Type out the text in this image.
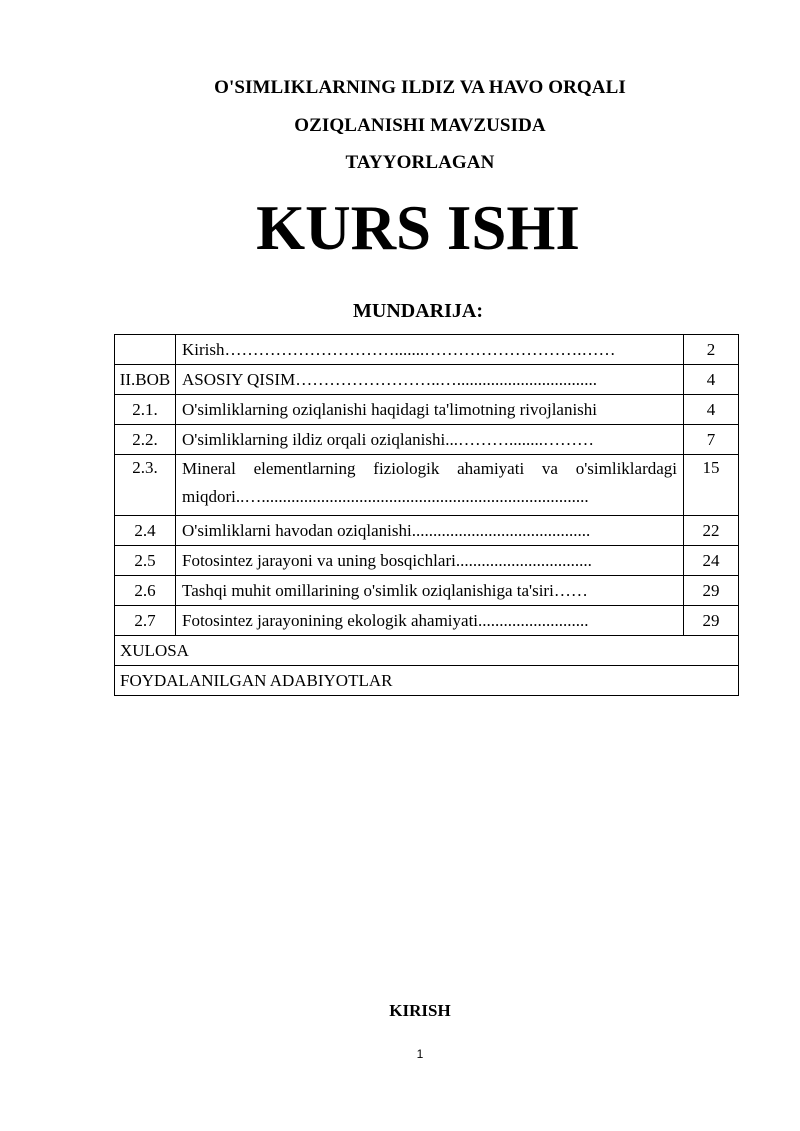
O'SIMLIKLARNING ILDIZ VA HAVO ORQALI
OZIQLANISHI MAVZUSIDA
TAYYORLAGAN
KURS ISHI
MUNDARIJA:
	Kirish………………………….......……………………….……	2
II.BOB	ASOSIY QISIM……………………..….................................	4
2.1.	O'simliklarning oziqlanishi haqidagi ta'limotning rivojlanishi	4
2.2.	O'simliklarning ildiz orqali oziqlanishi...………........………	7
2.3.	Mineral elementlarning fiziologik ahamiyati va o'simliklardagi miqdori..….............................................................................	15
2.4	O'simliklarni havodan oziqlanishi..........................................	22
2.5	Fotosintez jarayoni va uning bosqichlari................................	24
2.6	Tashqi muhit omillarining o'simlik oziqlanishiga ta'siri……	29
2.7	Fotosintez jarayonining ekologik ahamiyati..........................	29
XULOSA		
FOYDALANILGAN ADABIYOTLAR		
KIRISH
1
